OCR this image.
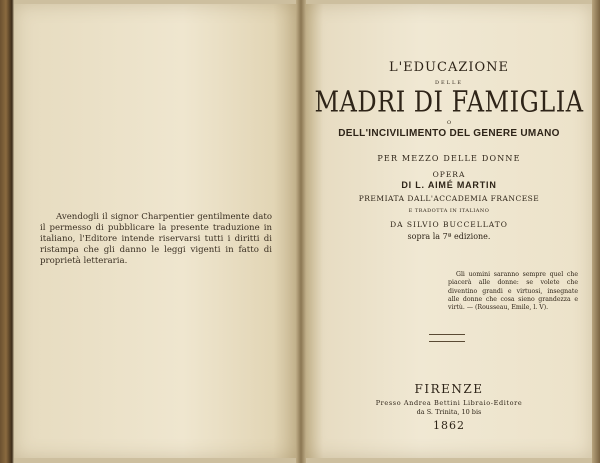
Avendogli il signor Charpentier gentilmente dato il permesso di pubblicare la presente traduzione in italiano, l'Editore intende riservarsi tutti i diritti di ristampa che gli danno le leggi vigenti in fatto di proprietà letteraria.
L'EDUCAZIONE
DELLE
MADRI DI FAMIGLIA
O
DELL'INCIVILIMENTO DEL GENERE UMANO
PER MEZZO DELLE DONNE
OPERA
DI L. AIMÉ MARTIN
PREMIATA DALL'ACCADEMIA FRANCESE
E TRADOTTA IN ITALIANO
DA SILVIO BUCCELLATO
sopra la 7ª edizione.
Gli uomini saranno sempre quel che piacerà alle donne: se volete che diventino grandi e virtuosi, insegnate alle donne che cosa sieno grandezza e virtù. — (Rousseau, Emile, l. V).
FIRENZE
Presso Andrea Bettini Libraio-Editore
da S. Trinita, 10 bis
1862
